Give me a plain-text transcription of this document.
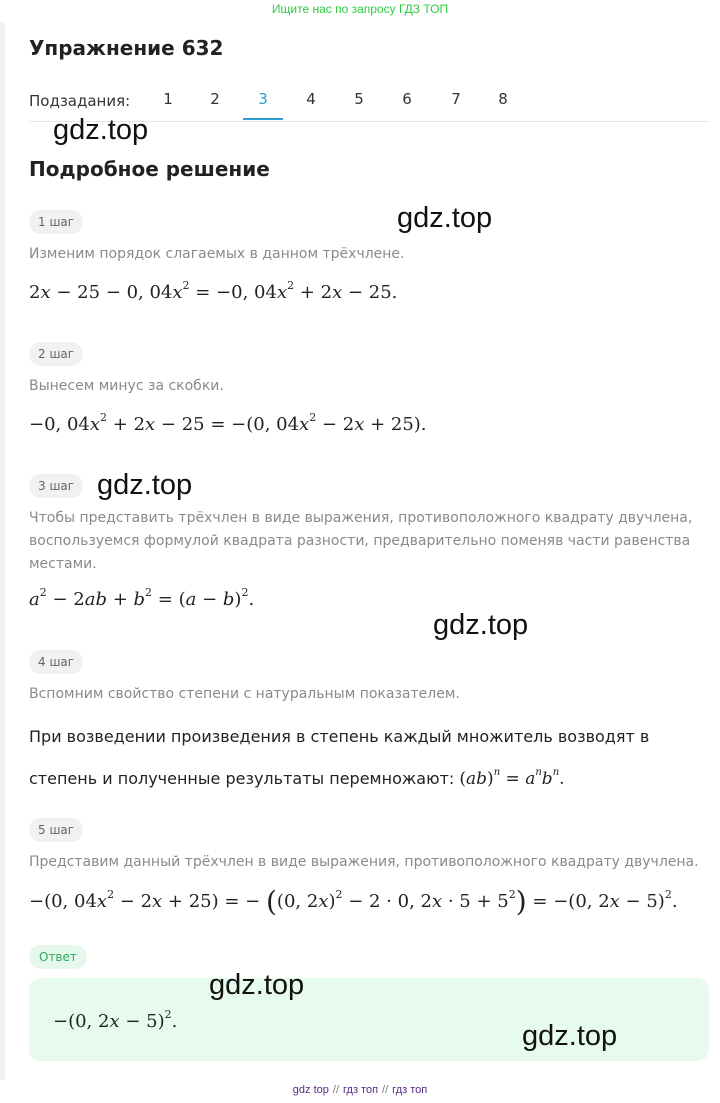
Ищите нас по запросу ГДЗ ТОП
Упражнение 632
Подзадания:	1	2	3	4	5	6	7	8
gdz.top
Подробное решение
gdz.top
1 шаг
Изменим порядок слагаемых в данном трёхчлене.
2x − 25 − 0, $04x^2 = -0$, $04x^2 + 2x - 25$.
2 шаг
Вынесем минус за скобки.
−0, $04x^2 + 2x - 25 = -(0$, $04x^2 - 2x + 25$).
3 шаг gdz.top
Чтобы представить трёхчлен в виде выражения, противоположного квадрату двучлена, воспользуемся формулой квадрата разности, предварительно поменяв части равенства местами.
$a^2 - 2ab + b^2 = (a - b)^2$.
gdz.top
4 шаг
Вспомним свойство степени с натуральным показателем.
При возведении произведения в степень каждый множитель возводят в степень и полученные результаты перемножают: $(ab)^n = a^nb^n$.
5 шаг
Представим данный трёхчлен в виде выражения, противоположного квадрату двучлена.
−(0, $04x^2 - 2x + 25$) = − ((0, 2x)$^2$ − 2 · 0, $2x \cdot 5 + 5^2) = -(0$, 2x − 5)$^2$.
Ответ
−(0, 2x − 5)$^2$.
gdz.top
gdz.top
gdz top // гдз топ // гдз топ
